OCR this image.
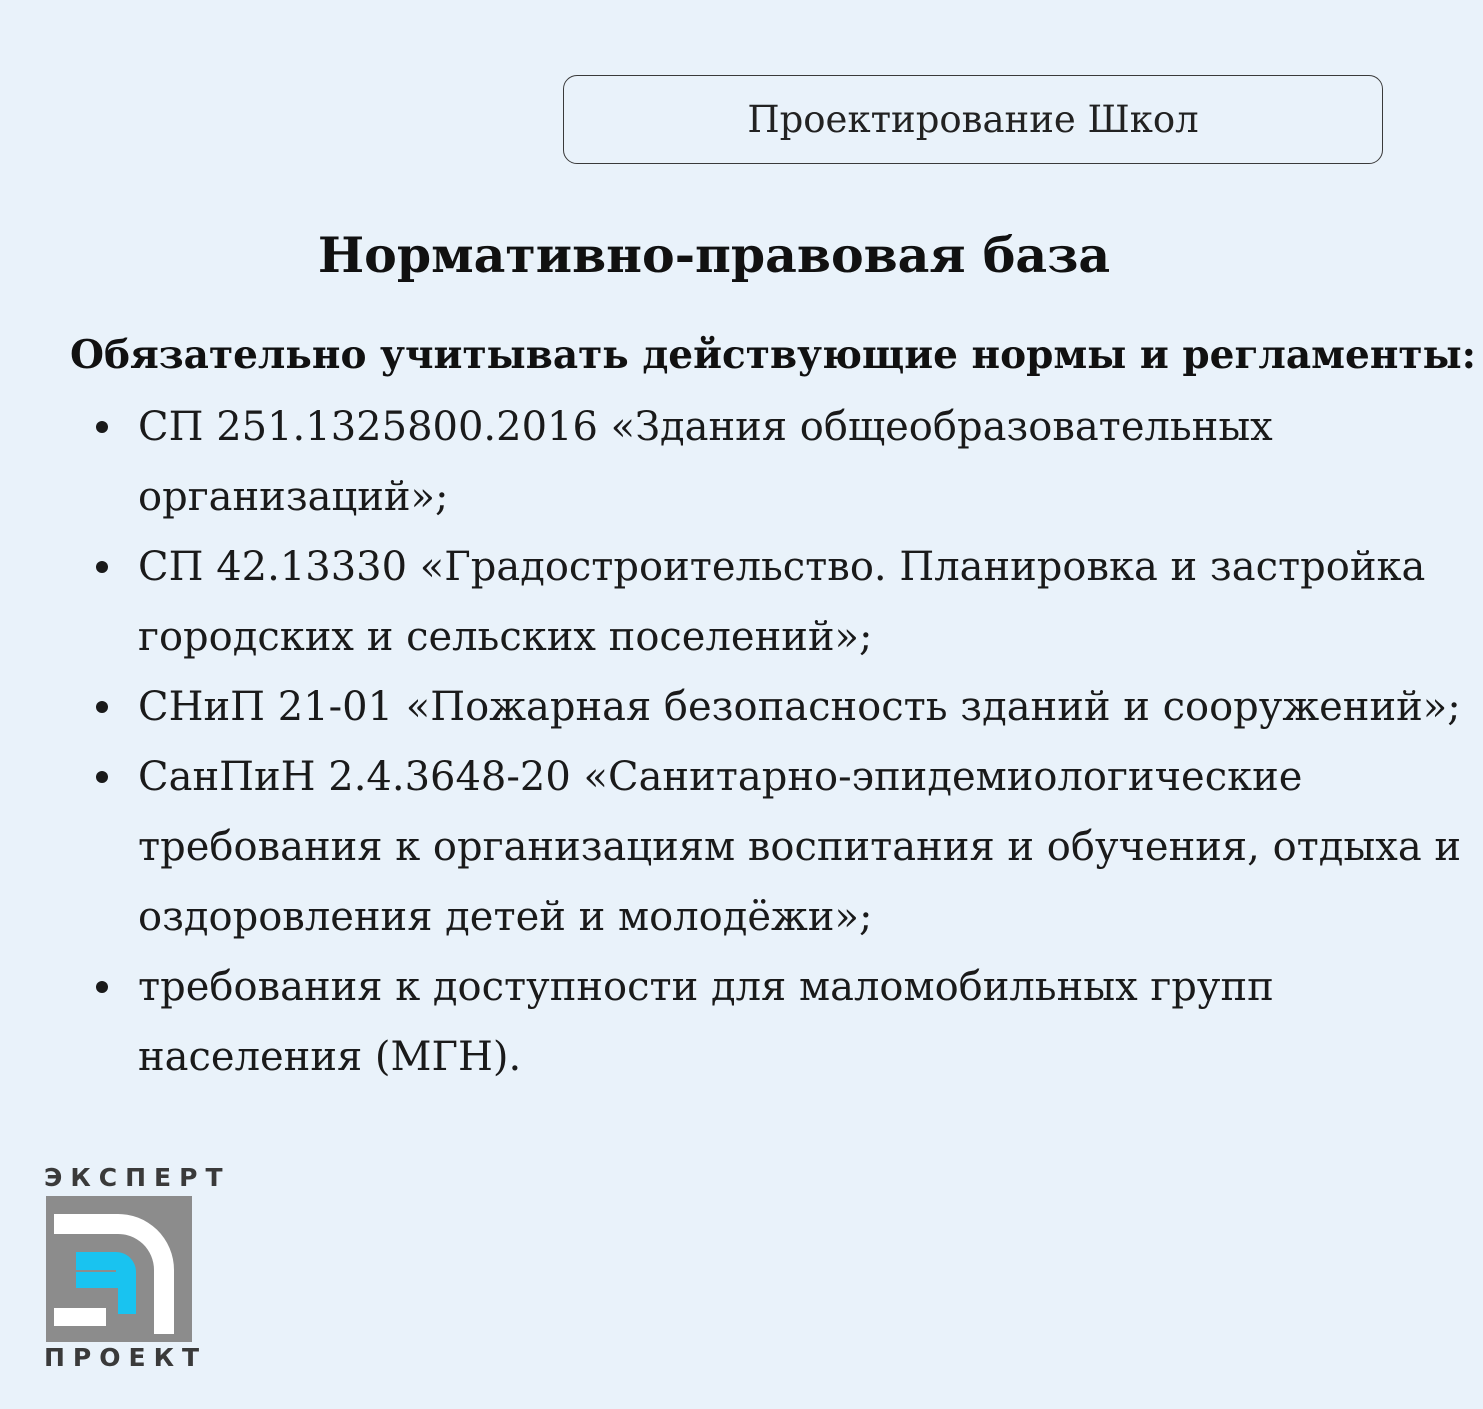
Проектирование Школ
Нормативно-правовая база

Обязательно учитывать действующие нормы и регламенты:

СП 251.1325800.2016 «Здания общеобразовательных организаций»;
СП 42.13330 «Градостроительство. Планировка и застройка городских и сельских поселений»;
СНиП 21-01 «Пожарная безопасность зданий и сооружений»;
СанПиН 2.4.3648-20 «Санитарно-эпидемиологические требования к организациям воспитания и обучения, отдыха и оздоровления детей и молодёжи»;
требования к доступности для маломобильных групп населения (МГН).
ЭКСПЕРТ
ПРОЕКТ
